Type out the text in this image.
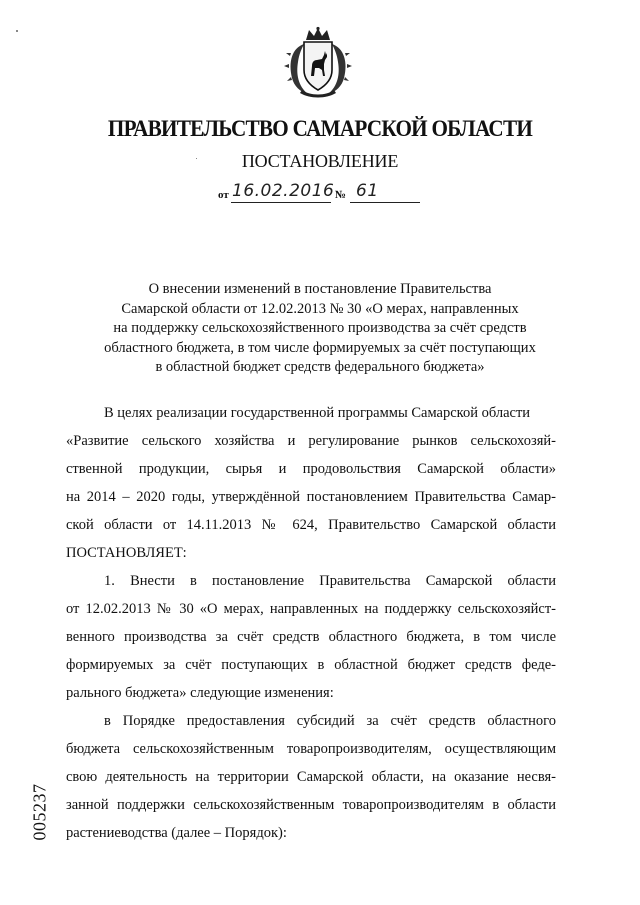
ПРАВИТЕЛЬСТВО САМАРСКОЙ ОБЛАСТИ
ПОСТАНОВЛЕНИЕ
от 16.02.2016 № 61
О внесении изменений в постановление Правительства
Самарской области от 12.02.2013 № 30 «О мерах, направленных
на поддержку сельскохозяйственного производства за счёт средств
областного бюджета, в том числе формируемых за счёт поступающих
в областной бюджет средств федерального бюджета»
В целях реализации государственной программы Самарской области
«Развитие сельского хозяйства и регулирование рынков сельскохозяй-
ственной продукции, сырья и продовольствия Самарской области»
на 2014 – 2020 годы, утверждённой постановлением Правительства Самар-
ской области от 14.11.2013 № 624, Правительство Самарской области
ПОСТАНОВЛЯЕТ:
1. Внести в постановление Правительства Самарской области
от 12.02.2013 № 30 «О мерах, направленных на поддержку сельскохозяйст-
венного производства за счёт средств областного бюджета, в том числе
формируемых за счёт поступающих в областной бюджет средств феде-
рального бюджета» следующие изменения:
в Порядке предоставления субсидий за счёт средств областного
бюджета сельскохозяйственным товаропроизводителям, осуществляющим
свою деятельность на территории Самарской области, на оказание несвя-
занной поддержки сельскохозяйственным товаропроизводителям в области
растениеводства (далее – Порядок):
005237
